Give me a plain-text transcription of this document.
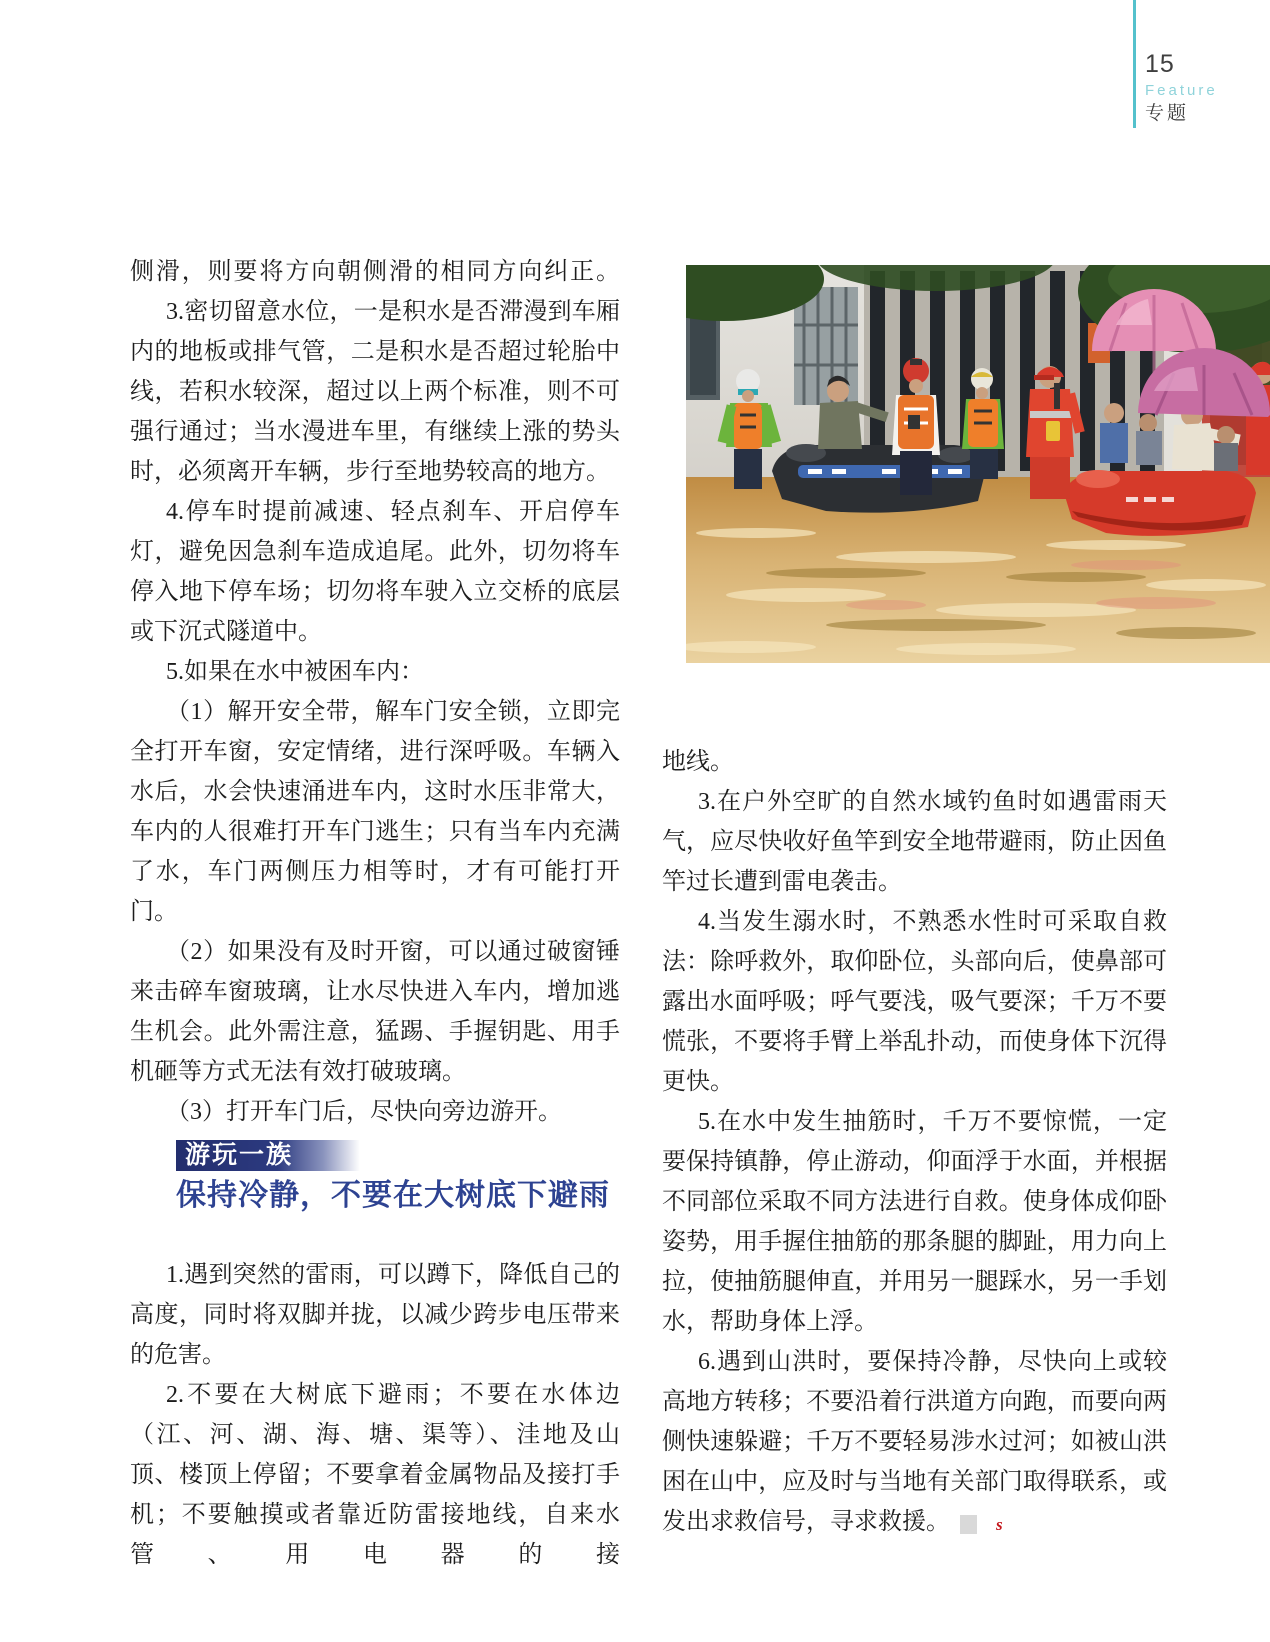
15
Feature
专题

侧滑，则要将方向朝侧滑的相同方向纠正。

3.密切留意水位，一是积水是否滞漫到车厢内的地板或排气管，二是积水是否超过轮胎中线，若积水较深，超过以上两个标准，则不可强行通过；当水漫进车里，有继续上涨的势头时，必须离开车辆，步行至地势较高的地方。

4.停车时提前减速、轻点刹车、开启停车灯，避免因急刹车造成追尾。此外，切勿将车停入地下停车场；切勿将车驶入立交桥的底层或下沉式隧道中。

5.如果在水中被困车内：

（1）解开安全带，解车门安全锁，立即完全打开车窗，安定情绪，进行深呼吸。车辆入水后，水会快速涌进车内，这时水压非常大，车内的人很难打开车门逃生；只有当车内充满了水，车门两侧压力相等时，才有可能打开门。

（2）如果没有及时开窗，可以通过破窗锤来击碎车窗玻璃，让水尽快进入车内，增加逃生机会。此外需注意，猛踢、手握钥匙、用手机砸等方式无法有效打破玻璃。

（3）打开车门后，尽快向旁边游开。

游玩一族
保持冷静，不要在大树底下避雨

1.遇到突然的雷雨，可以蹲下，降低自己的高度，同时将双脚并拢，以减少跨步电压带来的危害。

2.不要在大树底下避雨；不要在水体边（江、河、湖、海、塘、渠等）、洼地及山顶、楼顶上停留；不要拿着金属物品及接打手机；不要触摸或者靠近防雷接地线，自来水管、用电器的接

地线。

3.在户外空旷的自然水域钓鱼时如遇雷雨天气，应尽快收好鱼竿到安全地带避雨，防止因鱼竿过长遭到雷电袭击。

4.当发生溺水时，不熟悉水性时可采取自救法：除呼救外，取仰卧位，头部向后，使鼻部可露出水面呼吸；呼气要浅，吸气要深；千万不要慌张，不要将手臂上举乱扑动，而使身体下沉得更快。

5.在水中发生抽筋时，千万不要惊慌，一定要保持镇静，停止游动，仰面浮于水面，并根据不同部位采取不同方法进行自救。使身体成仰卧姿势，用手握住抽筋的那条腿的脚趾，用力向上拉，使抽筋腿伸直，并用另一腿踩水，另一手划水，帮助身体上浮。

6.遇到山洪时，要保持冷静，尽快向上或较高地方转移；不要沿着行洪道方向跑，而要向两侧快速躲避；千万不要轻易涉水过河；如被山洪困在山中，应及时与当地有关部门取得联系，或发出求救信号，寻求救援。	s
